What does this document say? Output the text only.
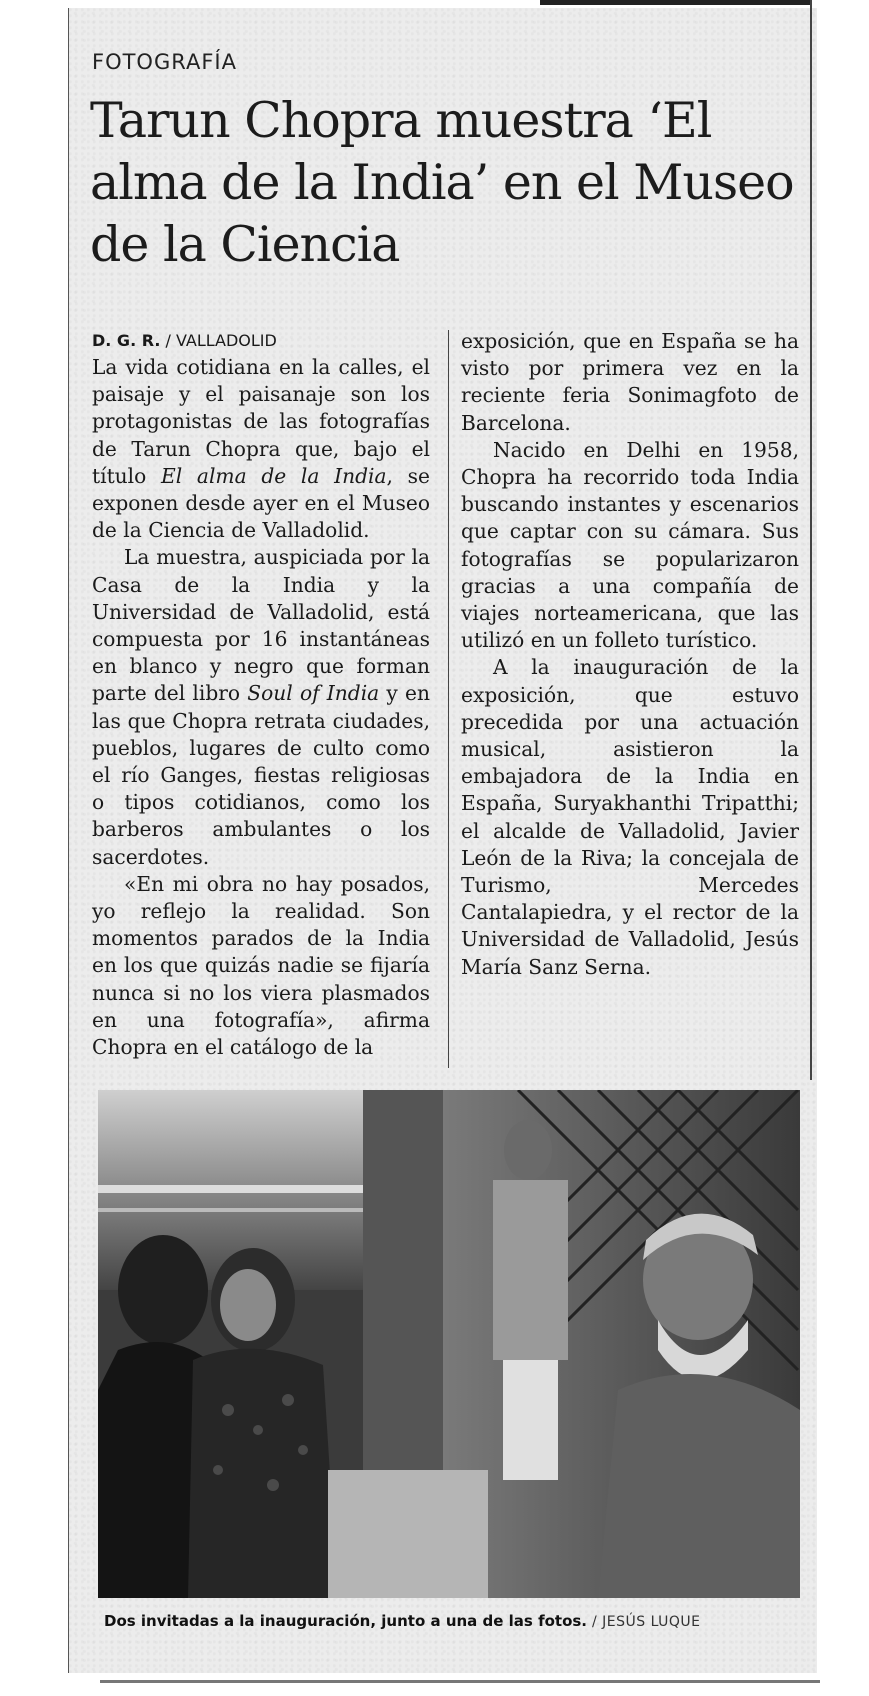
FOTOGRAFÍA
Tarun Chopra muestra ‘El alma de la India’ en el Museo de la Ciencia
D. G. R. / VALLADOLID

La vida cotidiana en la calles, el paisaje y el paisanaje son los protagonistas de las fotografías de Tarun Chopra que, bajo el título El alma de la India, se exponen desde ayer en el Museo de la Ciencia de Valladolid.

La muestra, auspiciada por la Casa de la India y la Universidad de Valladolid, está compuesta por 16 instantáneas en blanco y negro que forman parte del libro Soul of India y en las que Chopra retrata ciudades, pueblos, lugares de culto como el río Ganges, fiestas religiosas o tipos cotidianos, como los barberos ambulantes o los sacerdotes.

«En mi obra no hay posados, yo reflejo la realidad. Son momentos parados de la India en los que quizás nadie se fijaría nunca si no los viera plasmados en una fotografía», afirma Chopra en el catálogo de la

exposición, que en España se ha visto por primera vez en la reciente feria Sonimagfoto de Barcelona.

Nacido en Delhi en 1958, Chopra ha recorrido toda India buscando instantes y escenarios que captar con su cámara. Sus fotografías se popularizaron gracias a una compañía de viajes norteamericana, que las utilizó en un folleto turístico.

A la inauguración de la exposición, que estuvo precedida por una actuación musical, asistieron la embajadora de la India en España, Suryakhanthi Tripatthi; el alcalde de Valladolid, Javier León de la Riva; la concejala de Turismo, Mercedes Cantalapiedra, y el rector de la Universidad de Valladolid, Jesús María Sanz Serna.

Dos invitadas a la inauguración, junto a una de las fotos. / JESÚS LUQUE
